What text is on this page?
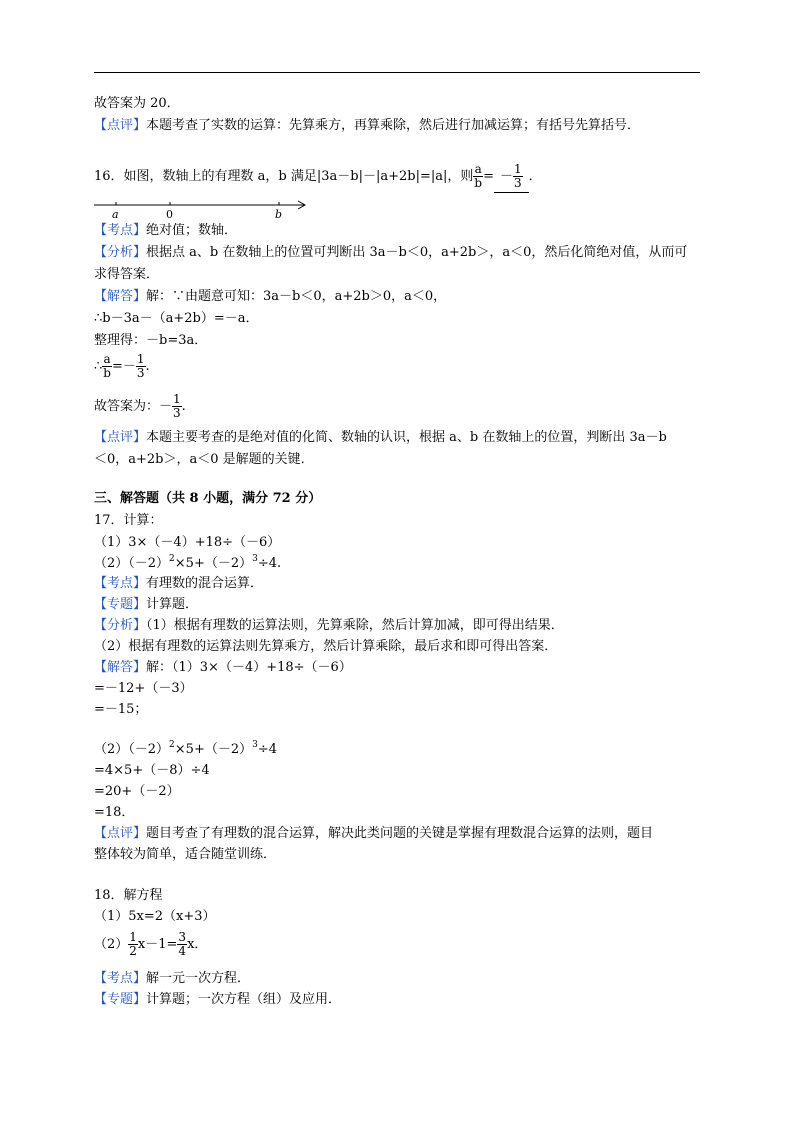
故答案为 20．
【点评】本题考查了实数的运算：先算乘方，再算乘除，然后进行加减运算；有括号先算括号．
16．如图，数轴上的有理数 a，b 满足|3a－b|－|a+2b|=|a|，则 $\frac{a}{b}$ = － $\frac{1}{3}$ ．
a	0	b
【考点】绝对值；数轴．
【分析】根据点 a、b 在数轴上的位置可判断出 3a－b＜0，a+2b＞，a＜0，然后化简绝对值，从而可
求得答案．
【解答】解：∵由题意可知：3a－b＜0，a+2b＞0，a＜0，
∴b－3a－（a+2b）=－a．
整理得：－b=3a．
∴ $\frac{a}{b} =- \frac{1}{3}$ .
故答案为：－ $\frac{1}{3}$ .
【点评】本题主要考查的是绝对值的化简、数轴的认识，根据 a、b 在数轴上的位置，判断出 3a－b
＜0，a+2b＞，a＜0 是解题的关键．
三、解答题（共 8 小题，满分 72 分）
17．计算：
（1）3×（－4）+18÷（－6）
$(2)(-2)^2\times 5+(-2)^3\div 4$.
【考点】有理数的混合运算．
【专题】计算题．
【分析】（1）根据有理数的运算法则，先算乘除，然后计算加减，即可得出结果．
（2）根据有理数的运算法则先算乘方，然后计算乘除，最后求和即可得出答案．
【解答】解：（1）3×（－4）+18÷（－6）
=－12+（－3）
=－15；
$(2)(-2)^2\times 5+(-2)^3\div 4$
=4×5+（－8）÷4
=20+（－2）
=18．
【点评】题目考查了有理数的混合运算，解决此类问题的关键是掌握有理数混合运算的法则，题目
整体较为简单，适合随堂训练．
18．解方程
（1）5x=2（x+3）
$(2) \frac{1}{2} x-1= \frac{3}{4}$ x．
【考点】解一元一次方程．
【专题】计算题；一次方程（组）及应用．
